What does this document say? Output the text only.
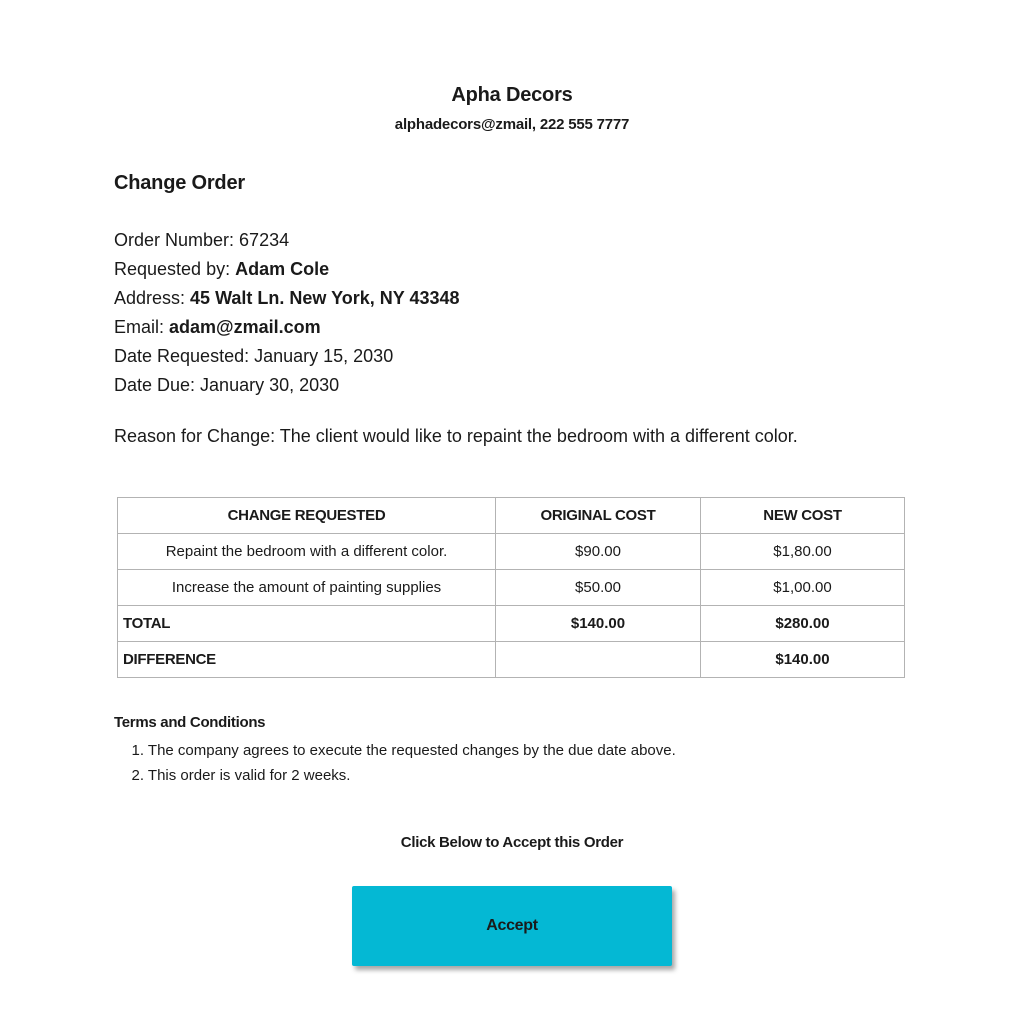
Apha Decors
alphadecors@zmail, 222 555 7777
Change Order
Order Number: 67234
Requested by: Adam Cole
Address: 45 Walt Ln. New York, NY 43348
Email: adam@zmail.com
Date Requested: January 15, 2030
Date Due: January 30, 2030
Reason for Change: The client would like to repaint the bedroom with a different color.
CHANGE REQUESTED	ORIGINAL COST	NEW COST
Repaint the bedroom with a different color.	$90.00	$1,80.00
Increase the amount of painting supplies	$50.00	$1,00.00
TOTAL	$140.00	$280.00
DIFFERENCE		$140.00
Terms and Conditions
1. The company agrees to execute the requested changes by the due date above.
2. This order is valid for 2 weeks.
Click Below to Accept this Order
Accept
